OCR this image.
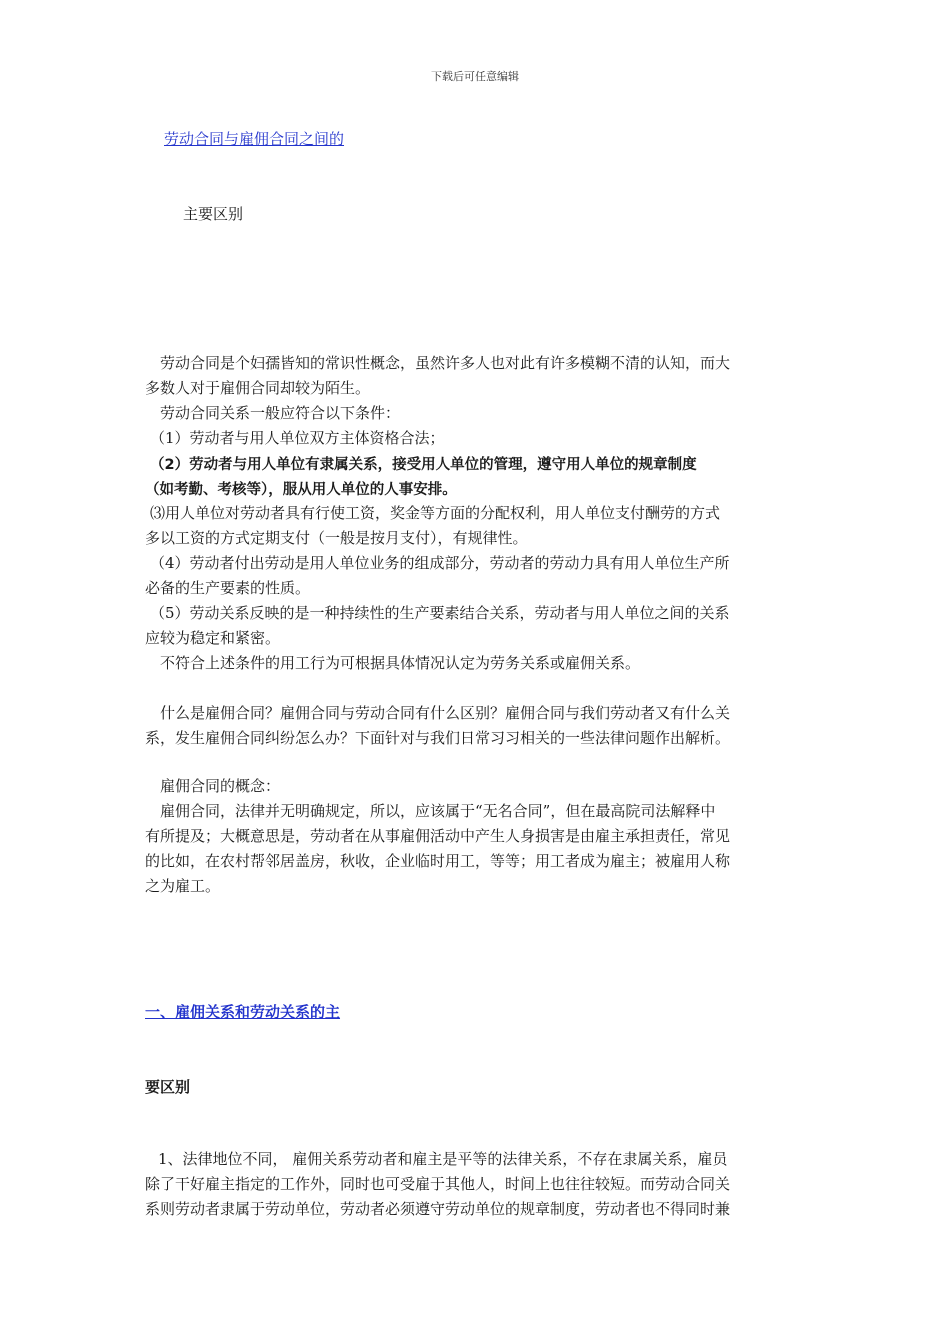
下载后可任意编辑
劳动合同与雇佣合同之间的
主要区别
劳动合同是个妇孺皆知的常识性概念，虽然许多人也对此有许多模糊不清的认知，而大
多数人对于雇佣合同却较为陌生。
劳动合同关系一般应符合以下条件：
（1）劳动者与用人单位双方主体资格合法；
（2）劳动者与用人单位有隶属关系，接受用人单位的管理，遵守用人单位的规章制度
（如考勤、考核等），服从用人单位的人事安排。
⑶用人单位对劳动者具有行使工资，奖金等方面的分配权利，用人单位支付酬劳的方式
多以工资的方式定期支付（一般是按月支付），有规律性。
（4）劳动者付出劳动是用人单位业务的组成部分，劳动者的劳动力具有用人单位生产所
必备的生产要素的性质。
（5）劳动关系反映的是一种持续性的生产要素结合关系，劳动者与用人单位之间的关系
应较为稳定和紧密。
不符合上述条件的用工行为可根据具体情况认定为劳务关系或雇佣关系。
什么是雇佣合同？雇佣合同与劳动合同有什么区别？雇佣合同与我们劳动者又有什么关
系，发生雇佣合同纠纷怎么办？下面针对与我们日常习习相关的一些法律问题作出解析。
雇佣合同的概念：
雇佣合同，法律并无明确规定，所以，应该属于“无名合同”，但在最高院司法解释中
有所提及；大概意思是，劳动者在从事雇佣活动中产生人身损害是由雇主承担责任，常见
的比如，在农村帮邻居盖房，秋收，企业临时用工，等等；用工者成为雇主；被雇用人称
之为雇工。
一、雇佣关系和劳动关系的主
要区别
1、法律地位不同， 雇佣关系劳动者和雇主是平等的法律关系，不存在隶属关系，雇员
除了干好雇主指定的工作外，同时也可受雇于其他人，时间上也往往较短。而劳动合同关
系则劳动者隶属于劳动单位，劳动者必须遵守劳动单位的规章制度，劳动者也不得同时兼
